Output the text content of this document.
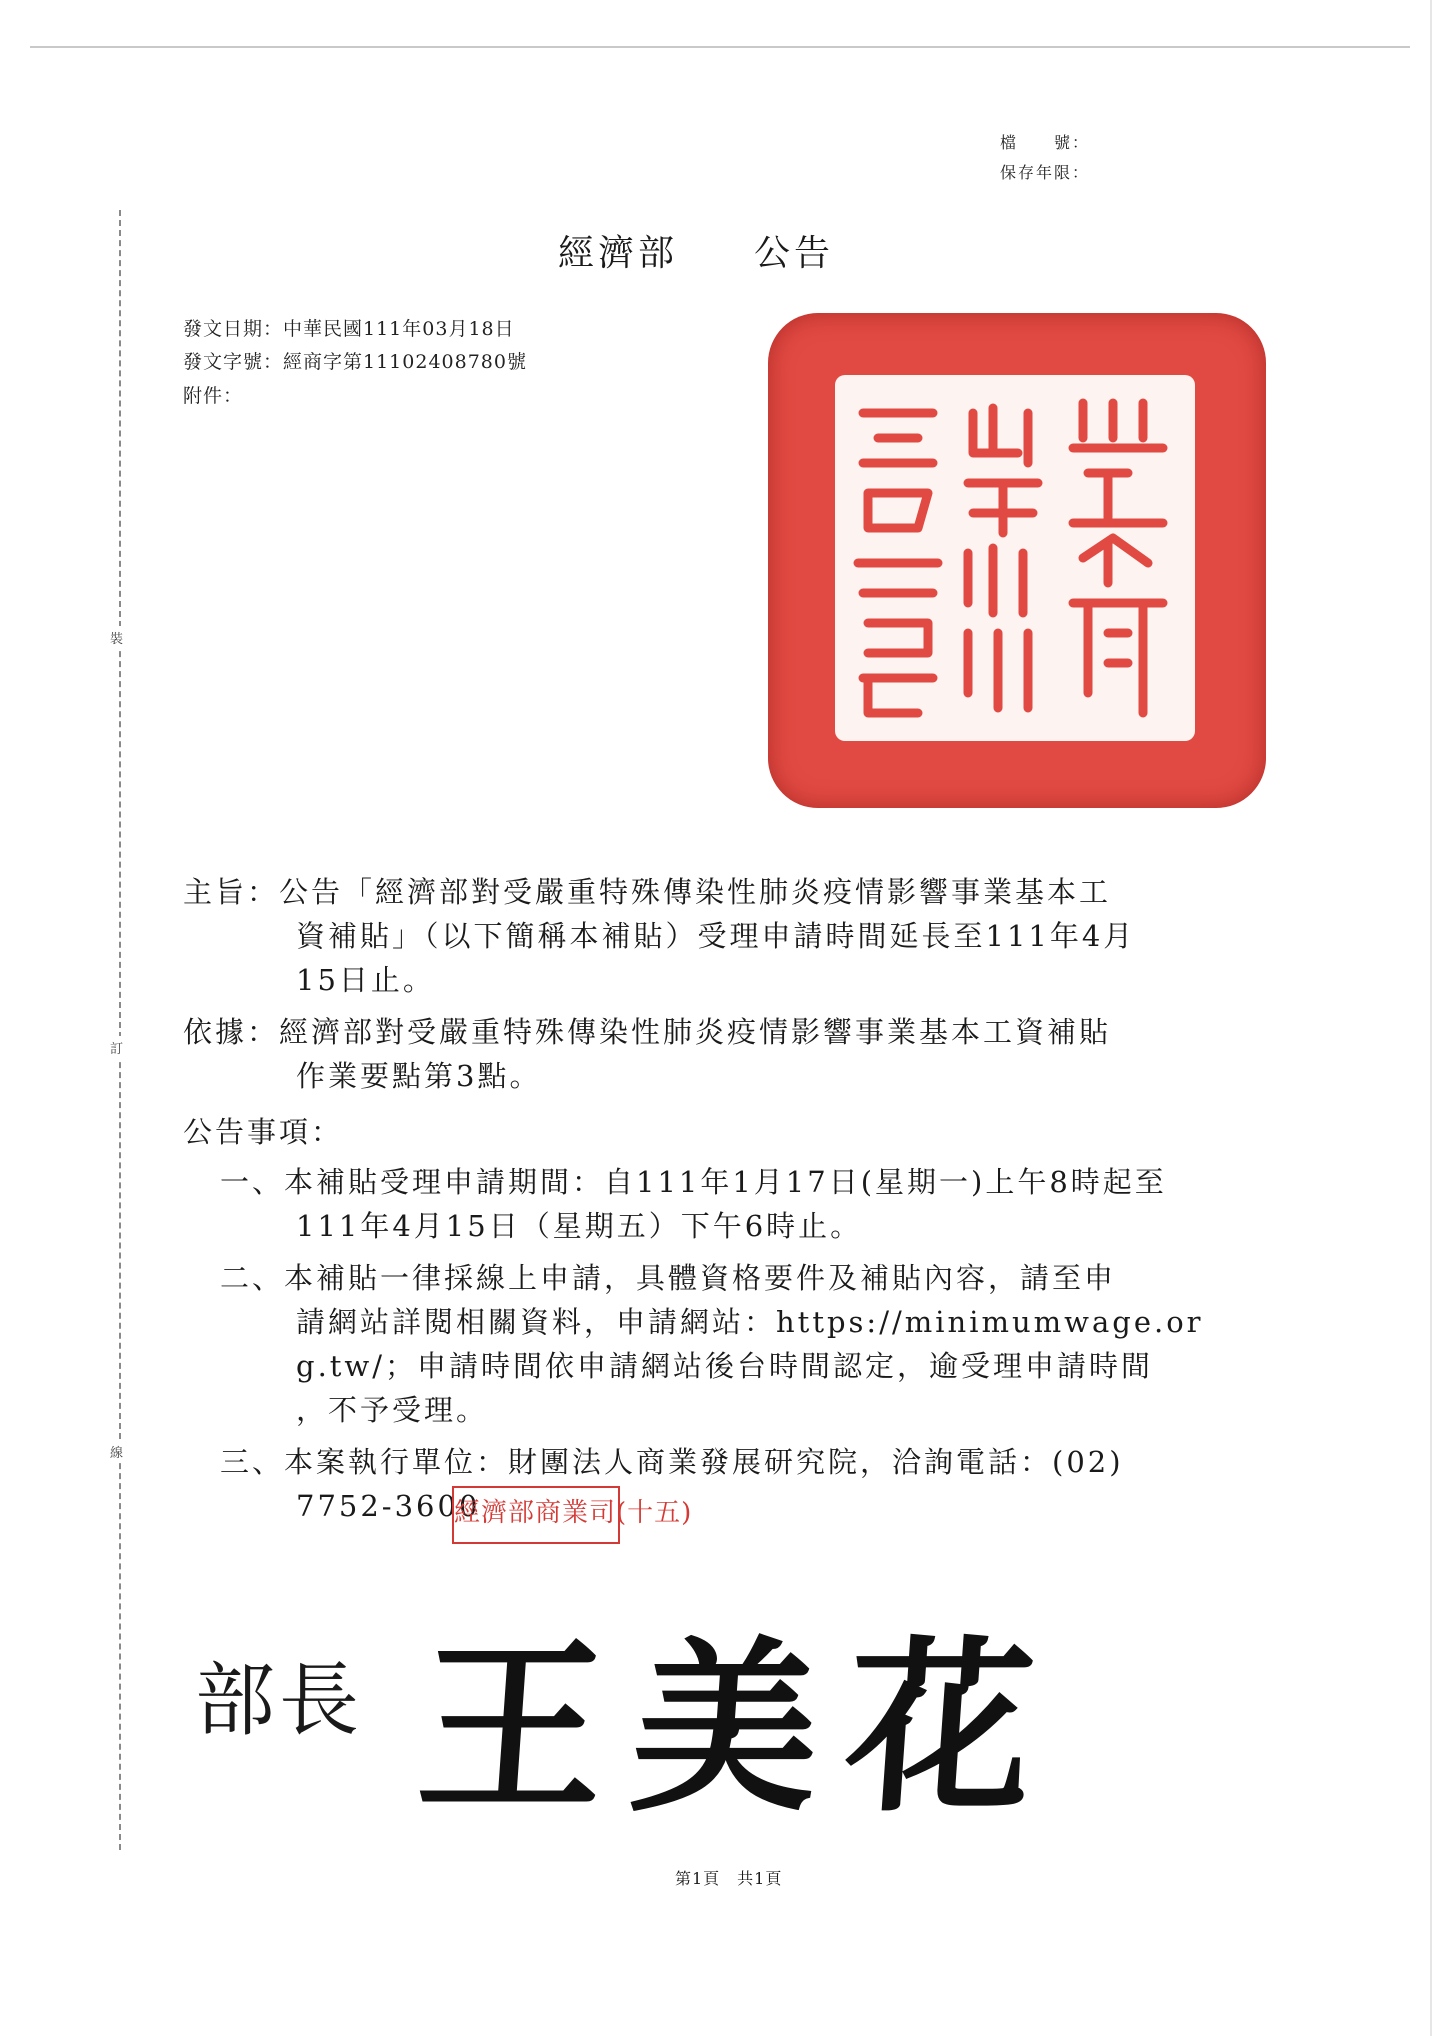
裝
訂
線
檔　　號：
保存年限：
經濟部 公告
發文日期：中華民國111年03月18日
發文字號：經商字第11102408780號
附件：
主旨：公告「經濟部對受嚴重特殊傳染性肺炎疫情影響事業基本工
資補貼」（以下簡稱本補貼）受理申請時間延長至111年4月
15日止。
依據：經濟部對受嚴重特殊傳染性肺炎疫情影響事業基本工資補貼
作業要點第3點。
公告事項：
一、本補貼受理申請期間：自111年1月17日(星期一)上午8時起至
111年4月15日（星期五）下午6時止。
二、本補貼一律採線上申請，具體資格要件及補貼內容，請至申
請網站詳閱相關資料，申請網站：https://minimumwage.or
g.tw/；申請時間依申請網站後台時間認定，逾受理申請時間
，不予受理。
三、本案執行單位：財團法人商業發展研究院，洽詢電話：(02)
7752-3600
經濟部商業司(十五)
部長 王美花
第1頁　共1頁
